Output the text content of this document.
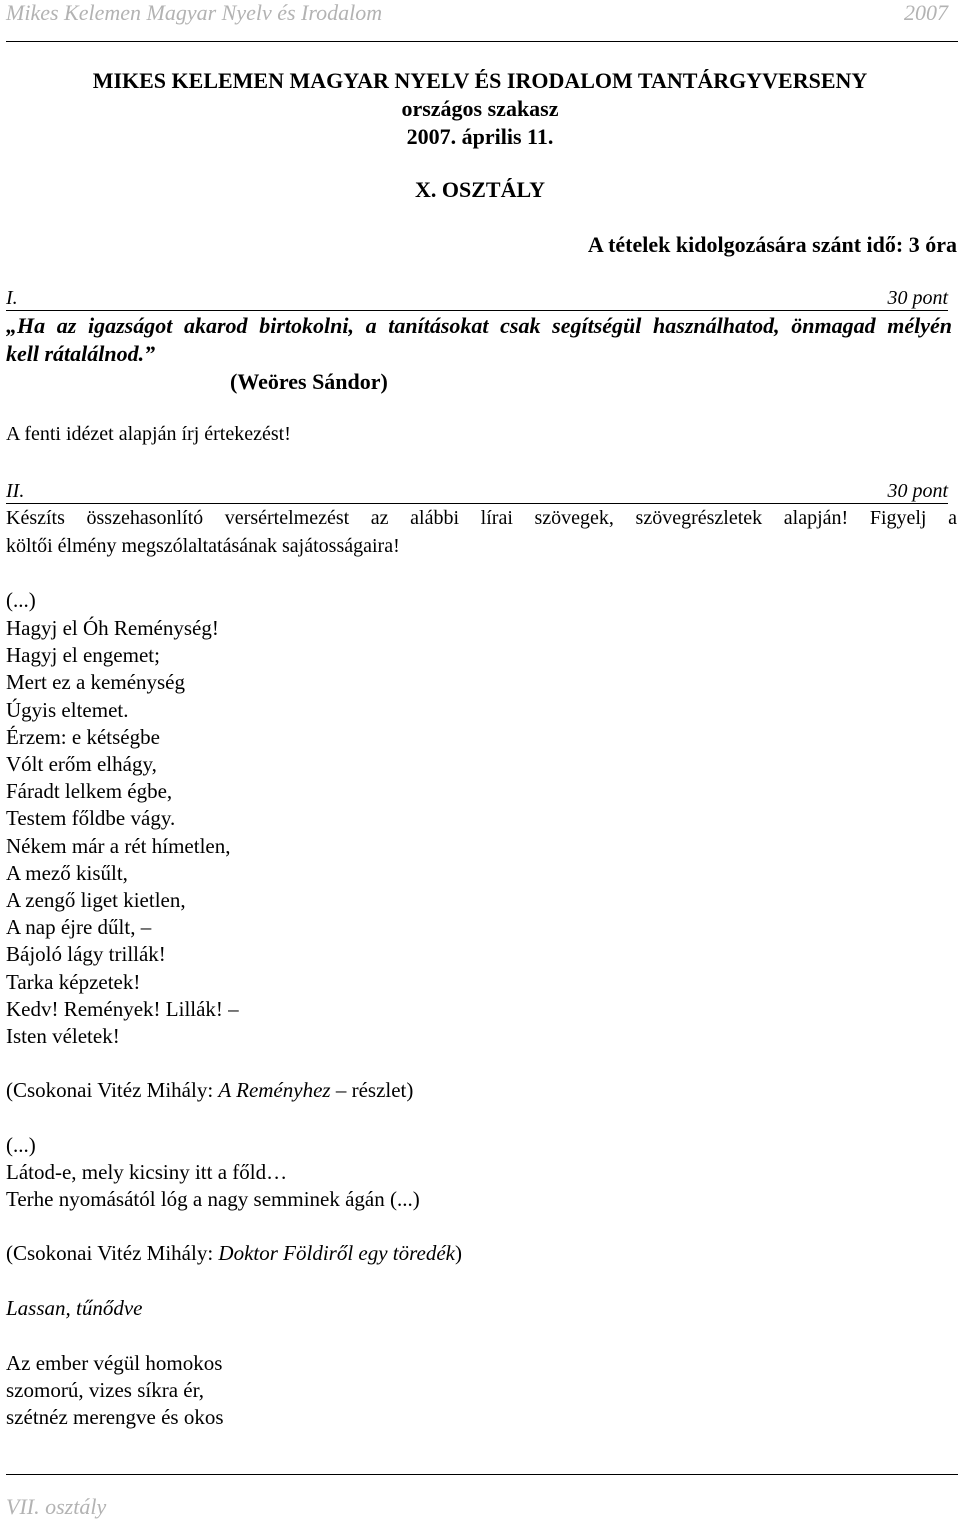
Mikes Kelemen Magyar Nyelv és Irodalom	2007
MIKES KELEMEN MAGYAR NYELV ÉS IRODALOM TANTÁRGYVERSENY
országos szakasz
2007. április 11.
X. OSZTÁLY
A tételek kidolgozására szánt idő: 3 óra
I.	30 pont
„Ha az igazságot akarod birtokolni, a tanításokat csak segítségül használhatod, önmagad mélyén
kell rátalálnod.”
(Weöres Sándor)
A fenti idézet alapján írj értekezést!
II.	30 pont
Készíts összehasonlító versértelmezést az alábbi lírai szövegek, szövegrészletek alapján! Figyelj a
költői élmény megszólaltatásának sajátosságaira!
(...)
Hagyj el Óh Reménység!
Hagyj el engemet;
Mert ez a keménység
Úgyis eltemet.
Érzem: e kétségbe
Vólt erőm elhágy,
Fáradt lelkem égbe,
Testem főldbe vágy.
Nékem már a rét hímetlen,
A mező kisűlt,
A zengő liget kietlen,
A nap éjre dűlt, –
Bájoló lágy trillák!
Tarka képzetek!
Kedv! Remények! Lillák! –
Isten véletek!
(Csokonai Vitéz Mihály: A Reményhez – részlet)
(...)
Látod-e, mely kicsiny itt a főld…
Terhe nyomásától lóg a nagy semminek ágán (...)
(Csokonai Vitéz Mihály: Doktor Földiről egy töredék)
Lassan, tűnődve
Az ember végül homokos
szomorú, vizes síkra ér,
szétnéz merengve és okos
VII. osztály
